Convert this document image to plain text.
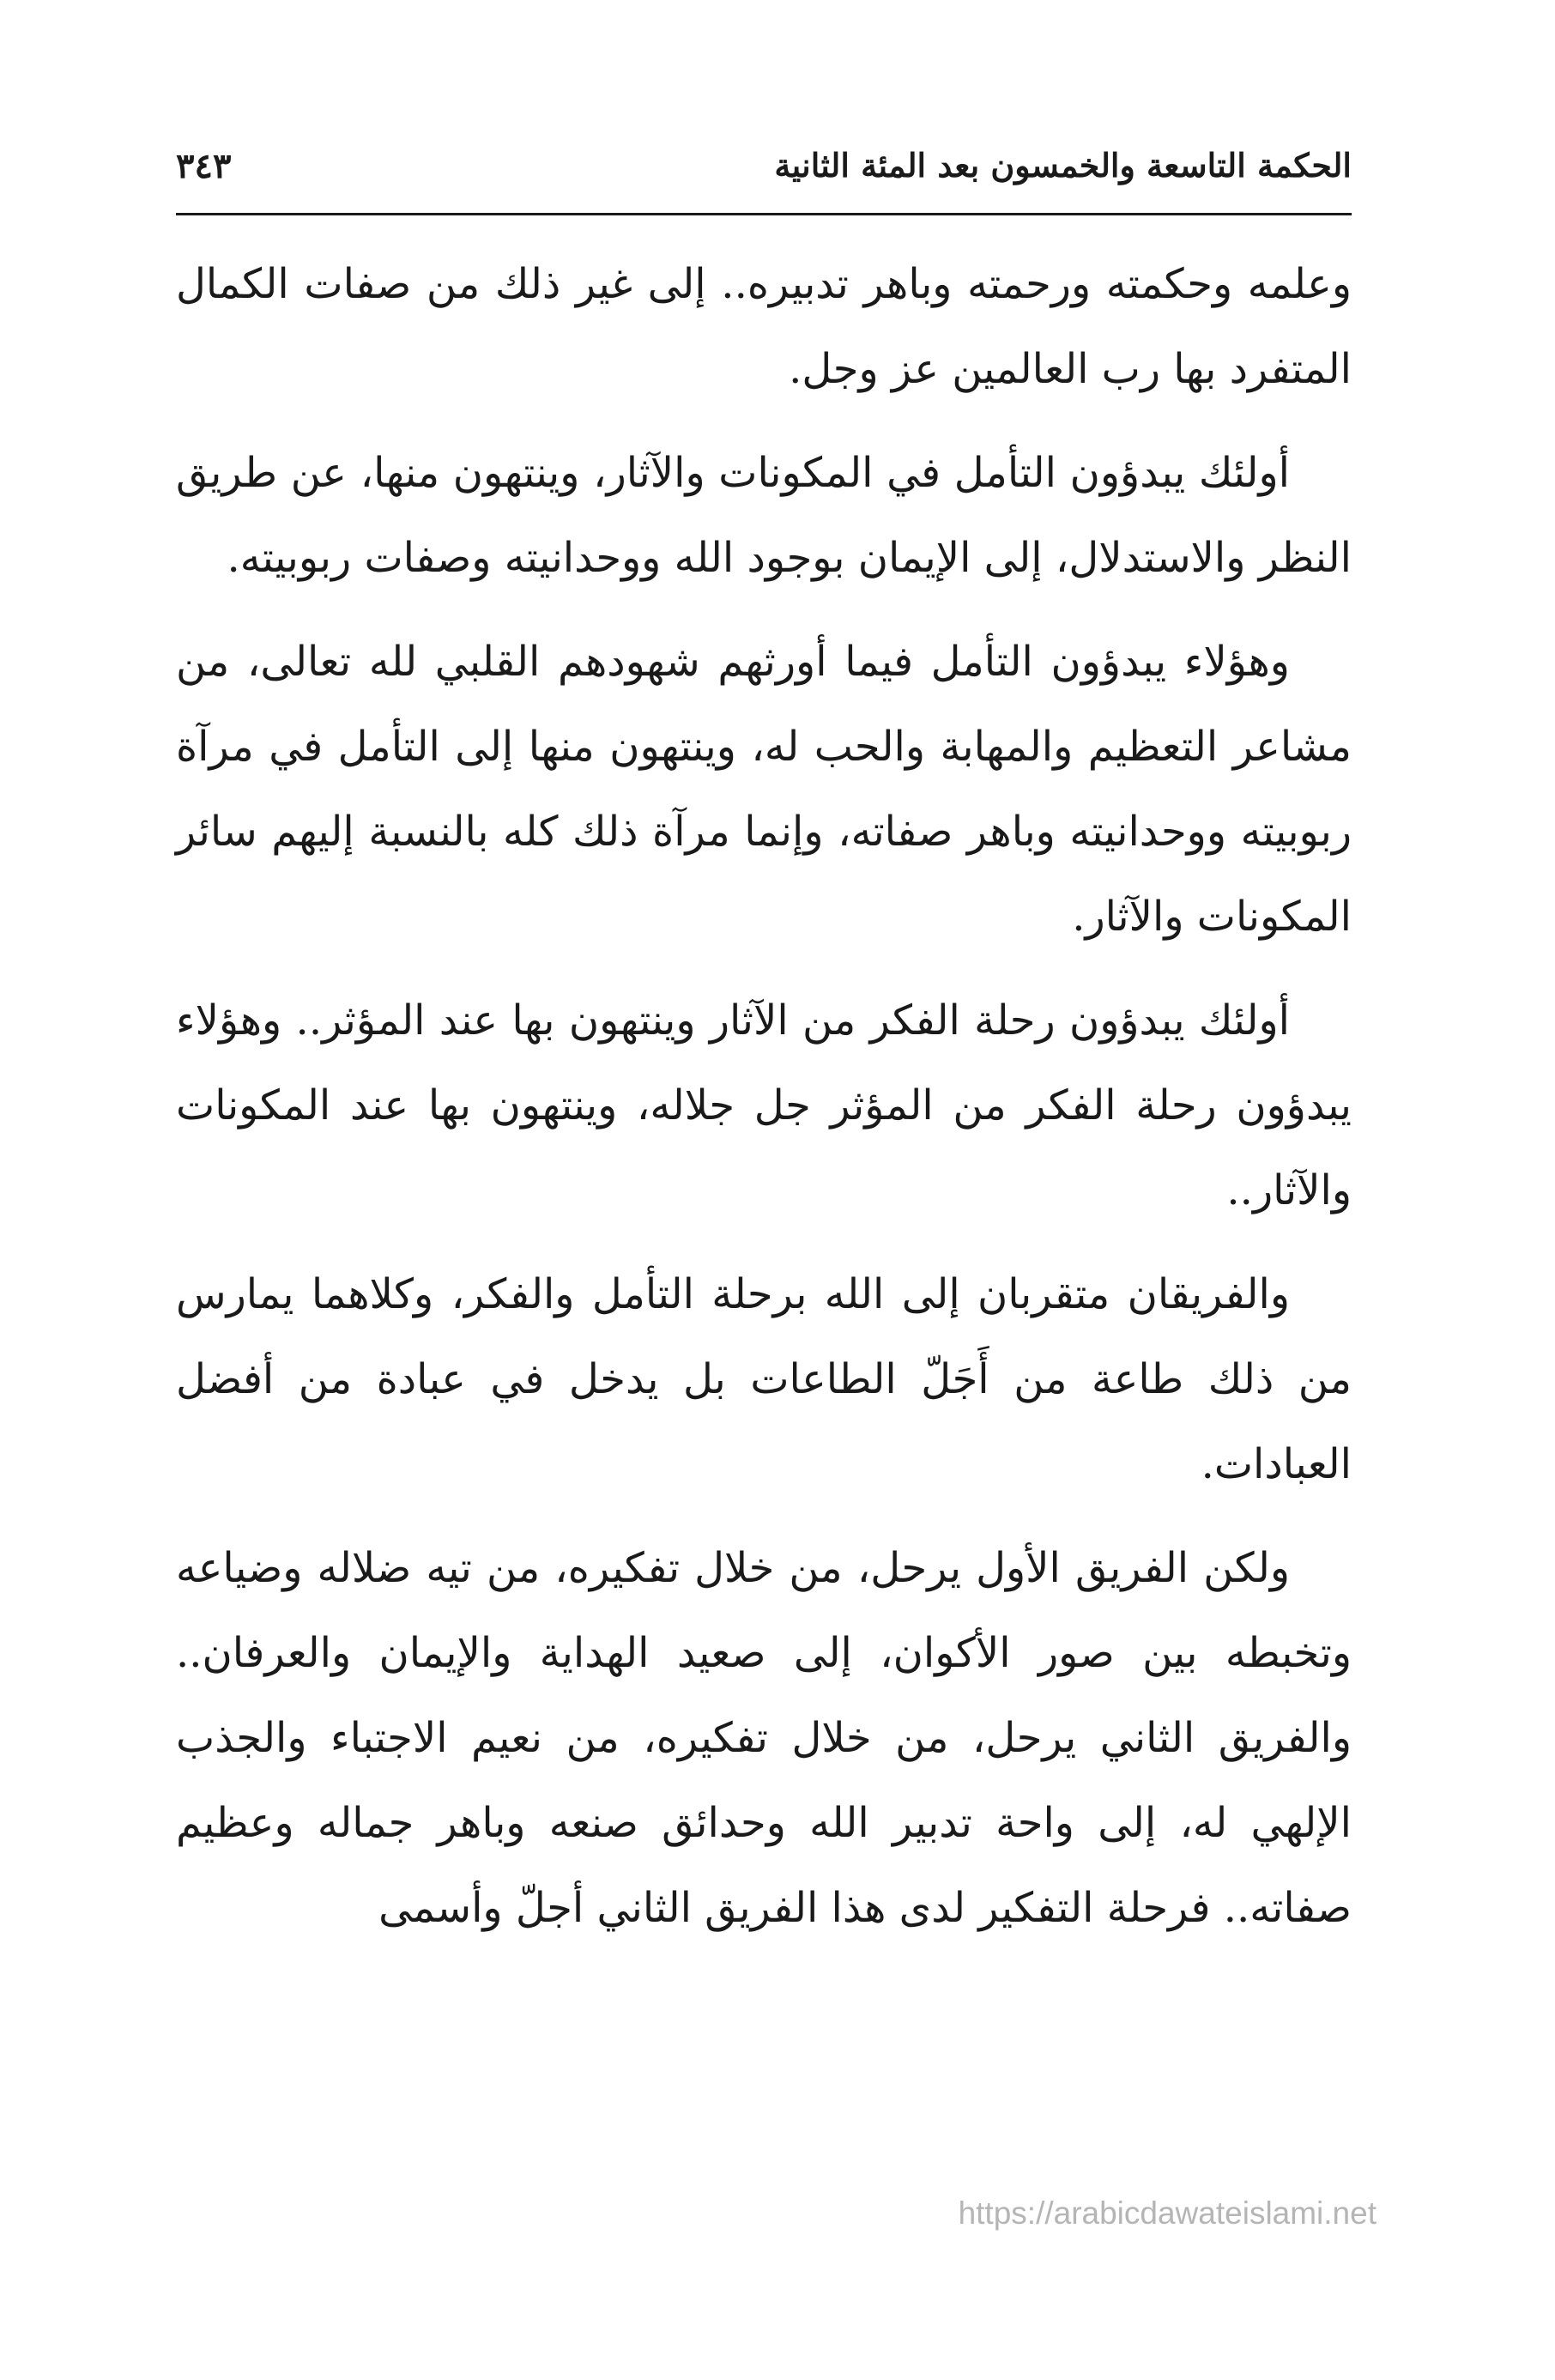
الحكمة التاسعة والخمسون بعد المئة الثانية
٣٤٣

وعلمه وحكمته ورحمته وباهر تدبيره.. إلى غير ذلك من صفات الكمال المتفرد بها رب العالمين عز وجل.

أولئك يبدؤون التأمل في المكونات والآثار، وينتهون منها، عن طريق النظر والاستدلال، إلى الإيمان بوجود الله ووحدانيته وصفات ربوبيته.

وهؤلاء يبدؤون التأمل فيما أورثهم شهودهم القلبي لله تعالى، من مشاعر التعظيم والمهابة والحب له، وينتهون منها إلى التأمل في مرآة ربوبيته ووحدانيته وباهر صفاته، وإنما مرآة ذلك كله بالنسبة إليهم سائر المكونات والآثار.

أولئك يبدؤون رحلة الفكر من الآثار وينتهون بها عند المؤثر.. وهؤلاء يبدؤون رحلة الفكر من المؤثر جل جلاله، وينتهون بها عند المكونات والآثار..

والفريقان متقربان إلى الله برحلة التأمل والفكر، وكلاهما يمارس من ذلك طاعة من أَجَلّ الطاعات بل يدخل في عبادة من أفضل العبادات.

ولكن الفريق الأول يرحل، من خلال تفكيره، من تيه ضلاله وضياعه وتخبطه بين صور الأكوان، إلى صعيد الهداية والإيمان والعرفان.. والفريق الثاني يرحل، من خلال تفكيره، من نعيم الاجتباء والجذب الإلهي له، إلى واحة تدبير الله وحدائق صنعه وباهر جماله وعظيم صفاته.. فرحلة التفكير لدى هذا الفريق الثاني أجلّ وأسمى

https://arabicdawateislami.net
